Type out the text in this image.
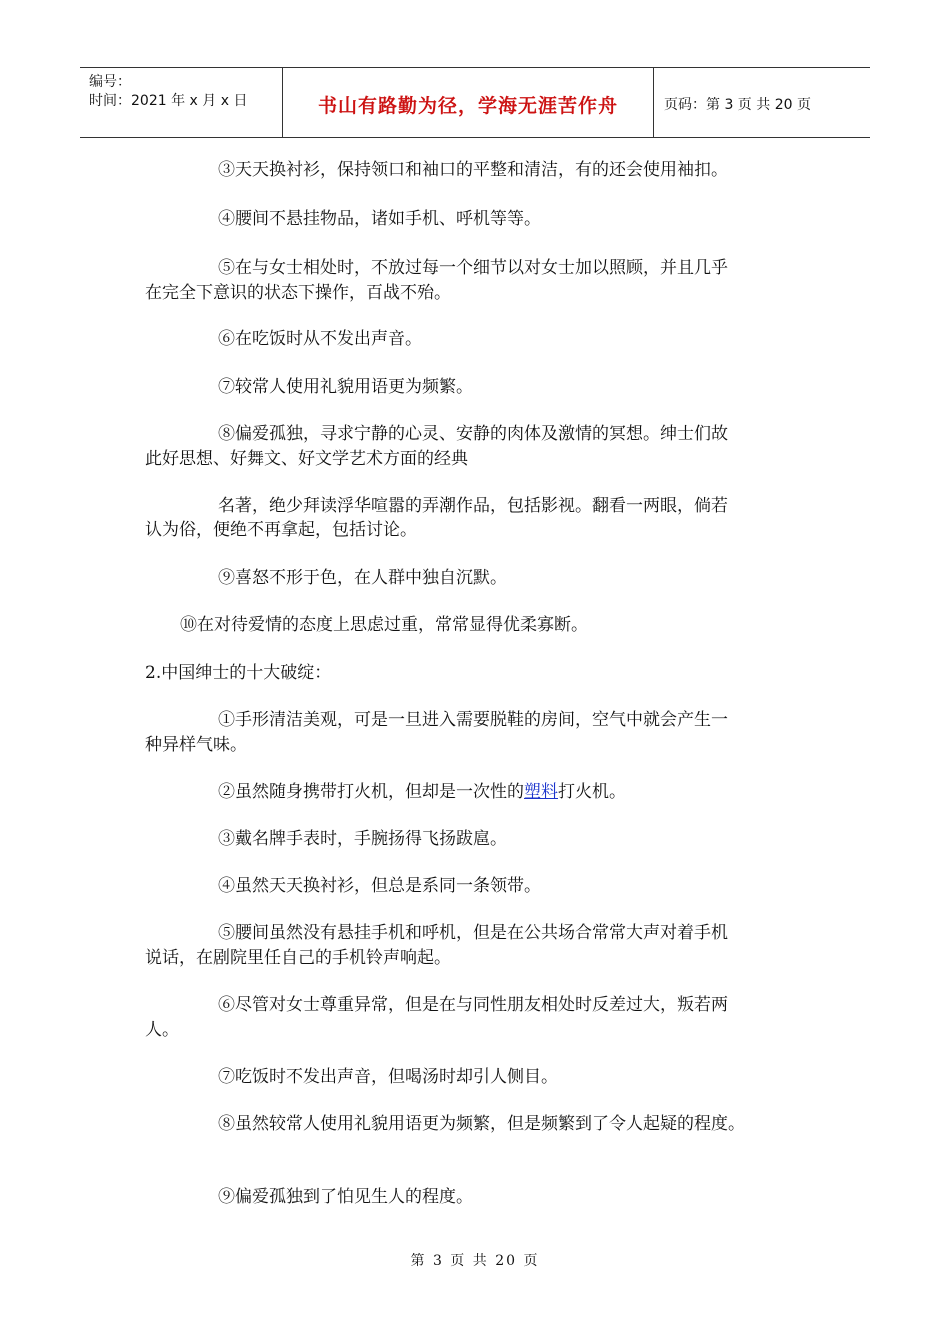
编号：
时间：2021 年 x 月 x 日	书山有路勤为径，学海无涯苦作舟	页码：第 3 页 共 20 页
③天天换衬衫，保持领口和袖口的平整和清洁，有的还会使用袖扣。
④腰间不悬挂物品，诸如手机、呼机等等。
⑤在与女士相处时，不放过每一个细节以对女士加以照顾，并且几乎
在完全下意识的状态下操作，百战不殆。
⑥在吃饭时从不发出声音。
⑦较常人使用礼貌用语更为频繁。
⑧偏爱孤独，寻求宁静的心灵、安静的肉体及激情的冥想。绅士们故
此好思想、好舞文、好文学艺术方面的经典
名著，绝少拜读浮华喧嚣的弄潮作品，包括影视。翻看一两眼，倘若
认为俗，便绝不再拿起，包括讨论。
⑨喜怒不形于色，在人群中独自沉默。
⑩在对待爱情的态度上思虑过重，常常显得优柔寡断。
2.中国绅士的十大破绽：
①手形清洁美观，可是一旦进入需要脱鞋的房间，空气中就会产生一
种异样气味。
②虽然随身携带打火机，但却是一次性的塑料打火机。
③戴名牌手表时，手腕扬得飞扬跋扈。
④虽然天天换衬衫，但总是系同一条领带。
⑤腰间虽然没有悬挂手机和呼机，但是在公共场合常常大声对着手机
说话，在剧院里任自己的手机铃声响起。
⑥尽管对女士尊重异常，但是在与同性朋友相处时反差过大，叛若两
人。
⑦吃饭时不发出声音，但喝汤时却引人侧目。
⑧虽然较常人使用礼貌用语更为频繁，但是频繁到了令人起疑的程度。
⑨偏爱孤独到了怕见生人的程度。
第 3 页 共 20 页
